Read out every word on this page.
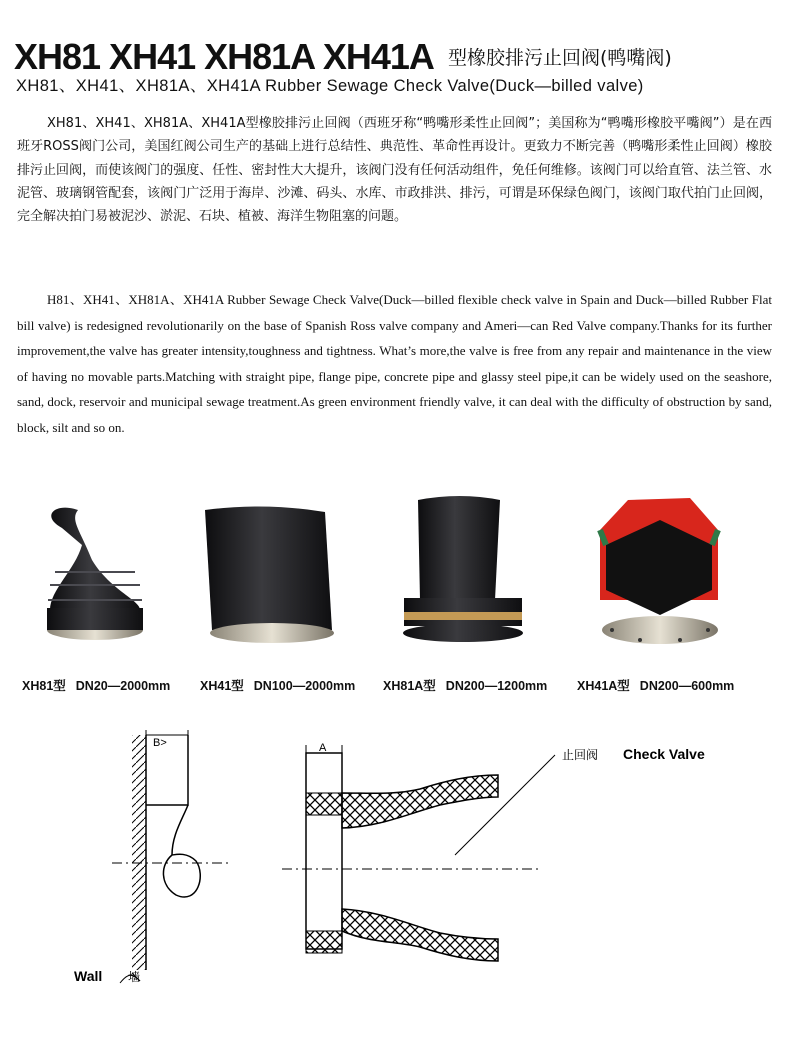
XH81 XH41 XH81A XH41A 型橡胶排污止回阀(鸭嘴阀)
XH81、XH41、XH81A、XH41A Rubber Sewage Check Valve(Duck—billed valve)
XH81、XH41、XH81A、XH41A型橡胶排污止回阀（西班牙称“鸭嘴形柔性止回阀”；美国称为“鸭嘴形橡胶平嘴阀”）是在西班牙ROSS阀门公司，美国红阀公司生产的基础上进行总结性、典范性、革命性再设计。更致力不断完善（鸭嘴形柔性止回阀）橡胶排污止回阀，而使该阀门的强度、任性、密封性大大提升，该阀门没有任何活动组件，免任何维修。该阀门可以给直管、法兰管、水泥管、玻璃钢管配套，该阀门广泛用于海岸、沙滩、码头、水库、市政排洪、排污，可谓是环保绿色阀门，该阀门取代拍门止回阀，完全解决拍门易被泥沙、淤泥、石块、植被、海洋生物阻塞的问题。
H81、XH41、XH81A、XH41A Rubber Sewage Check Valve(Duck—billed flexible check valve in Spain and Duck—billed Rubber Flat bill valve) is redesigned revolutionarily on the base of Spanish Ross valve company and Ameri—can Red Valve company.Thanks for its further improvement,the valve has greater intensity,toughness and tightness. What’s more,the valve is free from any repair and maintenance in the view of having no movable parts.Matching with straight pipe, flange pipe, concrete pipe and glassy steel pipe,it can be widely used on the seashore, sand, dock, reservoir and municipal sewage treatment.As green environment friendly valve, it can deal with the difficulty of obstruction by sand, block, silt and so on.
XH81型 DN20—2000mm XH41型 DN100—2000mm XH81A型 DN200—1200mm XH41A型 DN200—600mm
B>
Wall 墙
A	止回阀 Check Valve
